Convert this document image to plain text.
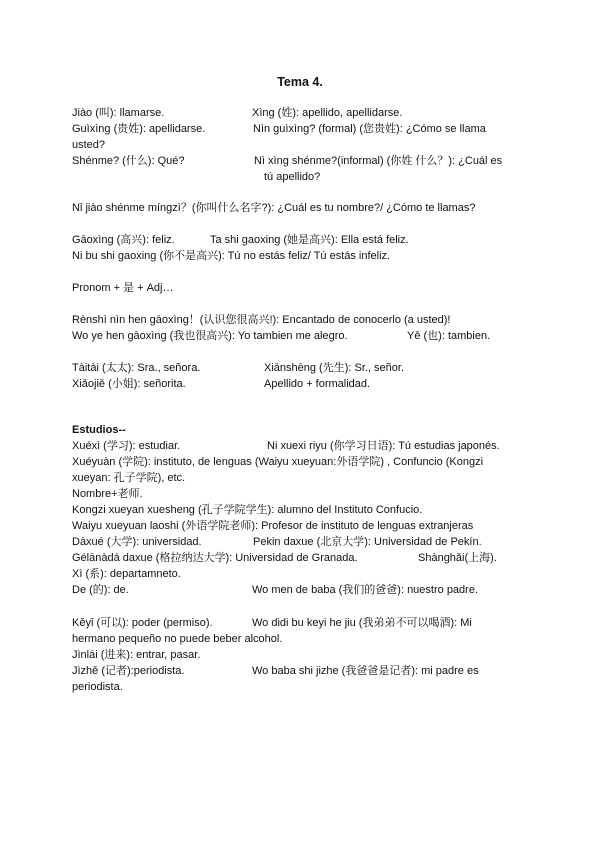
Tema 4.
Jiào (叫): llamarse.	Xìng (姓): apellido, apellidarse.
Guìxìng (贵姓): apellidarse.	Nìn guìxìng? (formal) (您贵姓): ¿Cómo se llama
usted?
Shénme? (什么): Qué?	Nì xìng shénme?(informal) (你姓 什么？): ¿Cuál es
tú apellido?
Nǐ jiào shénme míngzì？(你叫什么名字?): ¿Cuál es tu nombre?/ ¿Cómo te llamas?
Gāoxìng (高兴): feliz.	Ta shi gaoxing (她是高兴): Ella está feliz.
Ni bu shi gaoxing (你不是高兴): Tú no estás feliz/ Tú estás infeliz.
Pronom + 是 + Adj…
Rènshì nìn hen gāoxìng！(认识您很高兴!): Encantado de conocerlo (a usted)!
Wo ye hen gāoxìng (我也很高兴): Yo tambien me alegro.	Yě (也): tambien.
Tàitài (太太): Sra., señora.	Xiānshēng (先生): Sr., señor.
Xiǎojiě (小姐): señorita.	Apellido + formalidad.
Estudios--
Xuéxì (学习): estudiar.	Ni xuexi riyu (你学习日语): Tú estudias japonés.
Xuéyuàn (学院): instituto, de lenguas (Waiyu xueyuan:外语学院) , Confuncio (Kongzi
xueyan: 孔子学院), etc.
Nombre+老师.
Kongzi xueyan xuesheng (孔子学院学生): alumno del Instituto Confucio.
Waiyu xueyuan laoshi (外语学院老师): Profesor de instituto de lenguas extranjeras
Dàxué (大学): universidad.	Pekin daxue (北京大学): Universidad de Pekín.
Gélānàdá daxue (格拉纳达大学): Universidad de Granada.	Shànghǎi(上海).
Xì (系): departamneto.
De (的): de.	Wo men de baba (我们的爸爸): nuestro padre.
Kěyǐ (可以): poder (permiso).	Wo didi bu keyi he jiu (我弟弟不可以喝酒): Mi
hermano pequeño no puede beber alcohol.
Jìnlái (进来): entrar, pasar.
Jìzhě (记者):periodista.	Wo baba shi jizhe (我爸爸是记者): mi padre es
periodista.
